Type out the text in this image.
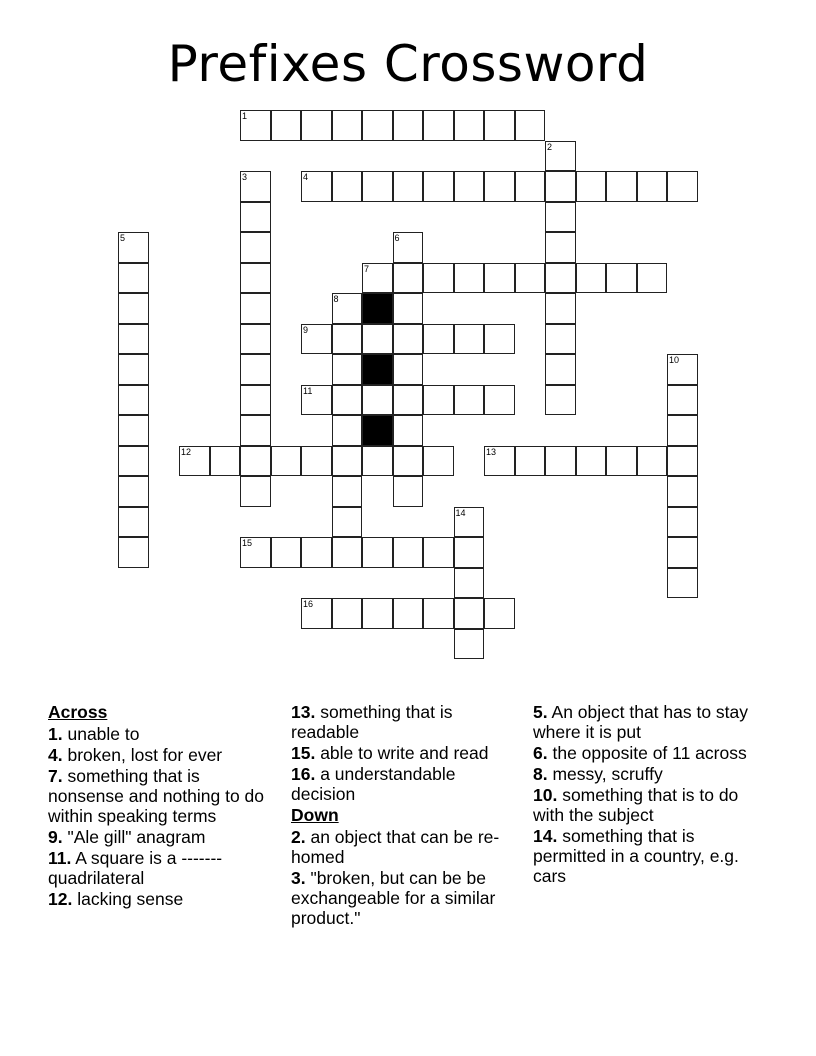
Prefixes Crossword
1
2
3	4
5	6
7
8
9
10
11
12	13
14
15
16
Across
1. unable to
4. broken, lost for ever
7. something that is nonsense and nothing to do within speaking terms
9. "Ale gill" anagram
11. A square is a ------- quadrilateral
12. lacking sense
13. something that is readable
15. able to write and read
16. a understandable decision
Down
2. an object that can be re-homed
3. "broken, but can be be exchangeable for a similar product."
5. An object that has to stay where it is put
6. the opposite of 11 across
8. messy, scruffy
10. something that is to do with the subject
14. something that is permitted in a country, e.g. cars
